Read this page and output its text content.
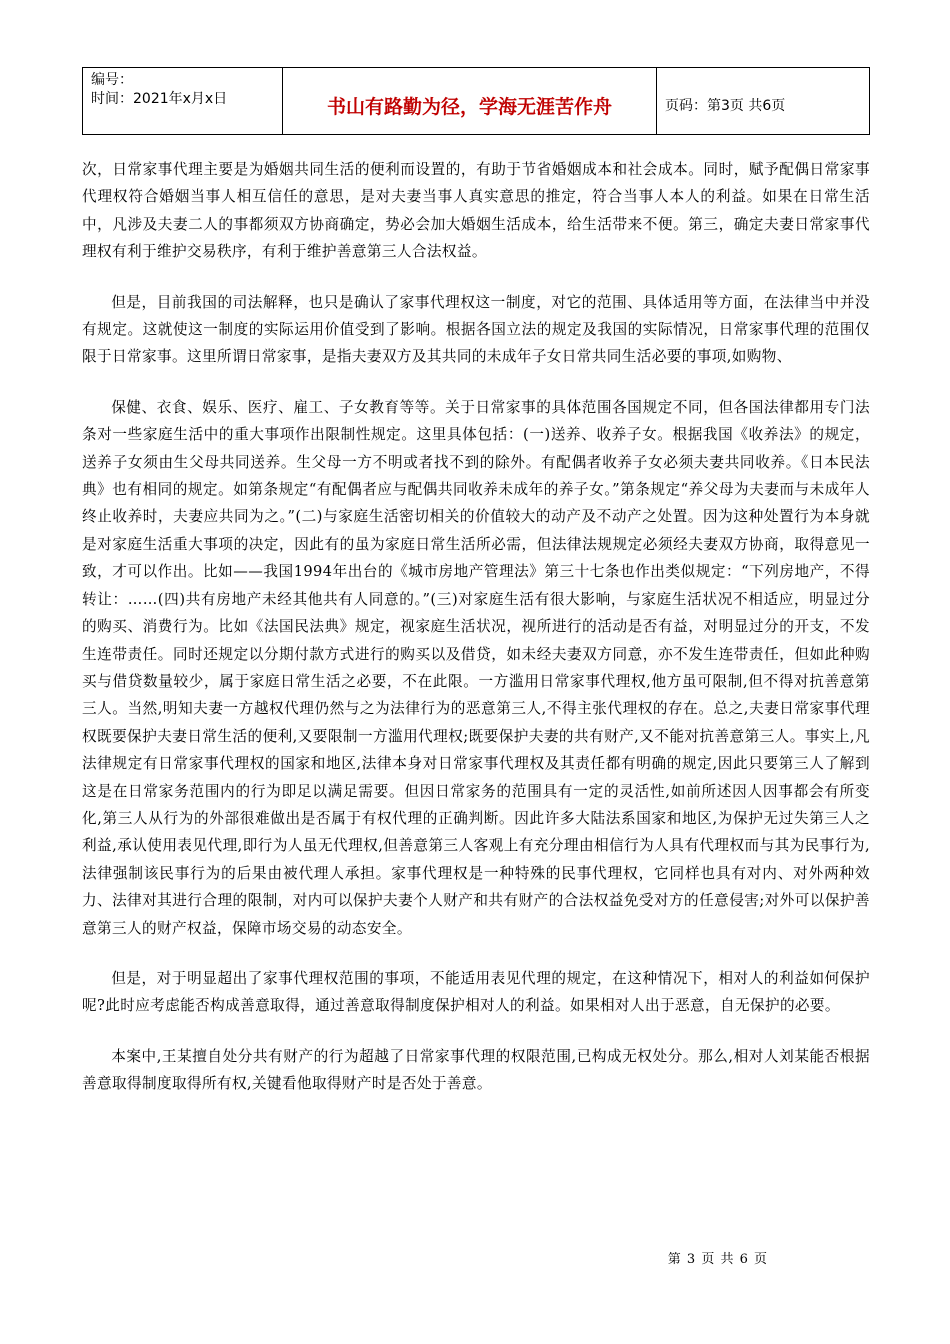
编号：
时间：2021年x月x日	书山有路勤为径，学海无涯苦作舟	页码：第3页 共6页

次，日常家事代理主要是为婚姻共同生活的便利而设置的，有助于节省婚姻成本和社会成本。同时，赋予配偶日常家事代理权符合婚姻当事人相互信任的意思，是对夫妻当事人真实意思的推定，符合当事人本人的利益。如果在日常生活中，凡涉及夫妻二人的事都须双方协商确定，势必会加大婚姻生活成本，给生活带来不便。第三，确定夫妻日常家事代理权有利于维护交易秩序，有利于维护善意第三人合法权益。

但是，目前我国的司法解释，也只是确认了家事代理权这一制度，对它的范围、具体适用等方面，在法律当中并没有规定。这就使这一制度的实际运用价值受到了影响。根据各国立法的规定及我国的实际情况，日常家事代理的范围仅限于日常家事。这里所谓日常家事，是指夫妻双方及其共同的未成年子女日常共同生活必要的事项,如购物、

保健、衣食、娱乐、医疗、雇工、子女教育等等。关于日常家事的具体范围各国规定不同，但各国法律都用专门法条对一些家庭生活中的重大事项作出限制性规定。这里具体包括：(一)送养、收养子女。根据我国《收养法》的规定，送养子女须由生父母共同送养。生父母一方不明或者找不到的除外。有配偶者收养子女必须夫妻共同收养。《日本民法典》也有相同的规定。如第条规定“有配偶者应与配偶共同收养未成年的养子女。”第条规定“养父母为夫妻而与未成年人终止收养时，夫妻应共同为之。”(二)与家庭生活密切相关的价值较大的动产及不动产之处置。因为这种处置行为本身就是对家庭生活重大事项的决定，因此有的虽为家庭日常生活所必需，但法律法规规定必须经夫妻双方协商，取得意见一致，才可以作出。比如——我国1994年出台的《城市房地产管理法》第三十七条也作出类似规定：“下列房地产，不得转让：……(四)共有房地产未经其他共有人同意的。”(三)对家庭生活有很大影响，与家庭生活状况不相适应，明显过分的购买、消费行为。比如《法国民法典》规定，视家庭生活状况，视所进行的活动是否有益，对明显过分的开支，不发生连带责任。同时还规定以分期付款方式进行的购买以及借贷，如未经夫妻双方同意，亦不发生连带责任，但如此种购买与借贷数量较少，属于家庭日常生活之必要，不在此限。一方滥用日常家事代理权,他方虽可限制,但不得对抗善意第三人。当然,明知夫妻一方越权代理仍然与之为法律行为的恶意第三人,不得主张代理权的存在。总之,夫妻日常家事代理权既要保护夫妻日常生活的便利,又要限制一方滥用代理权;既要保护夫妻的共有财产,又不能对抗善意第三人。事实上,凡法律规定有日常家事代理权的国家和地区,法律本身对日常家事代理权及其责任都有明确的规定,因此只要第三人了解到这是在日常家务范围内的行为即足以满足需要。但因日常家务的范围具有一定的灵活性,如前所述因人因事都会有所变化,第三人从行为的外部很难做出是否属于有权代理的正确判断。因此许多大陆法系国家和地区,为保护无过失第三人之利益,承认使用表见代理,即行为人虽无代理权,但善意第三人客观上有充分理由相信行为人具有代理权而与其为民事行为,法律强制该民事行为的后果由被代理人承担。家事代理权是一种特殊的民事代理权，它同样也具有对内、对外两种效力、法律对其进行合理的限制，对内可以保护夫妻个人财产和共有财产的合法权益免受对方的任意侵害;对外可以保护善意第三人的财产权益，保障市场交易的动态安全。

但是，对于明显超出了家事代理权范围的事项，不能适用表见代理的规定，在这种情况下，相对人的利益如何保护呢?此时应考虑能否构成善意取得，通过善意取得制度保护相对人的利益。如果相对人出于恶意，自无保护的必要。

本案中,王某擅自处分共有财产的行为超越了日常家事代理的权限范围,已构成无权处分。那么,相对人刘某能否根据善意取得制度取得所有权,关键看他取得财产时是否处于善意。

第 3 页 共 6 页
